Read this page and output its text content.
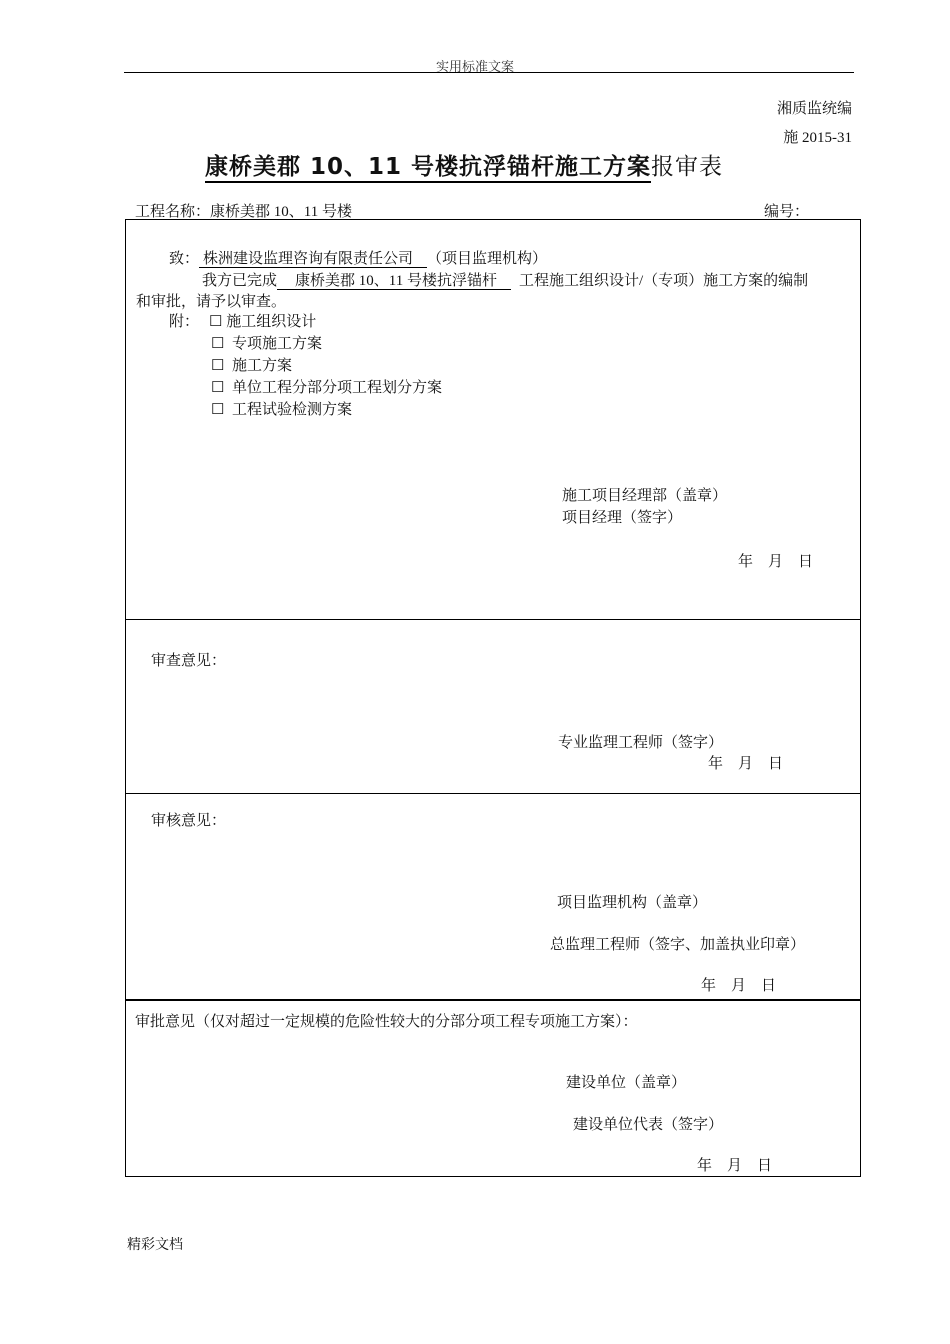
实用标准文案
湘质监统编
施 2015-31
康桥美郡 10、11 号楼抗浮锚杆施工方案报审表
工程名称：康桥美郡 10、11 号楼	编号：
致： 株洲建设监理咨询有限责任公司 （项目监理机构）
我方已完成 康桥美郡 10、11 号楼抗浮锚杆 工程施工组织设计/（专项）施工方案的编制
和审批，请予以审查。
附： ☐ 施工组织设计
☐ 专项施工方案
☐ 施工方案
☐ 单位工程分部分项工程划分方案
☐ 工程试验检测方案
施工项目经理部（盖章）
项目经理（签字）
年　月　日
审查意见：
专业监理工程师（签字）
年　月　日
审核意见：
项目监理机构（盖章）
总监理工程师（签字、加盖执业印章）
年　月　日
审批意见（仅对超过一定规模的危险性较大的分部分项工程专项施工方案）：
建设单位（盖章）
建设单位代表（签字）
年　月　日
精彩文档
